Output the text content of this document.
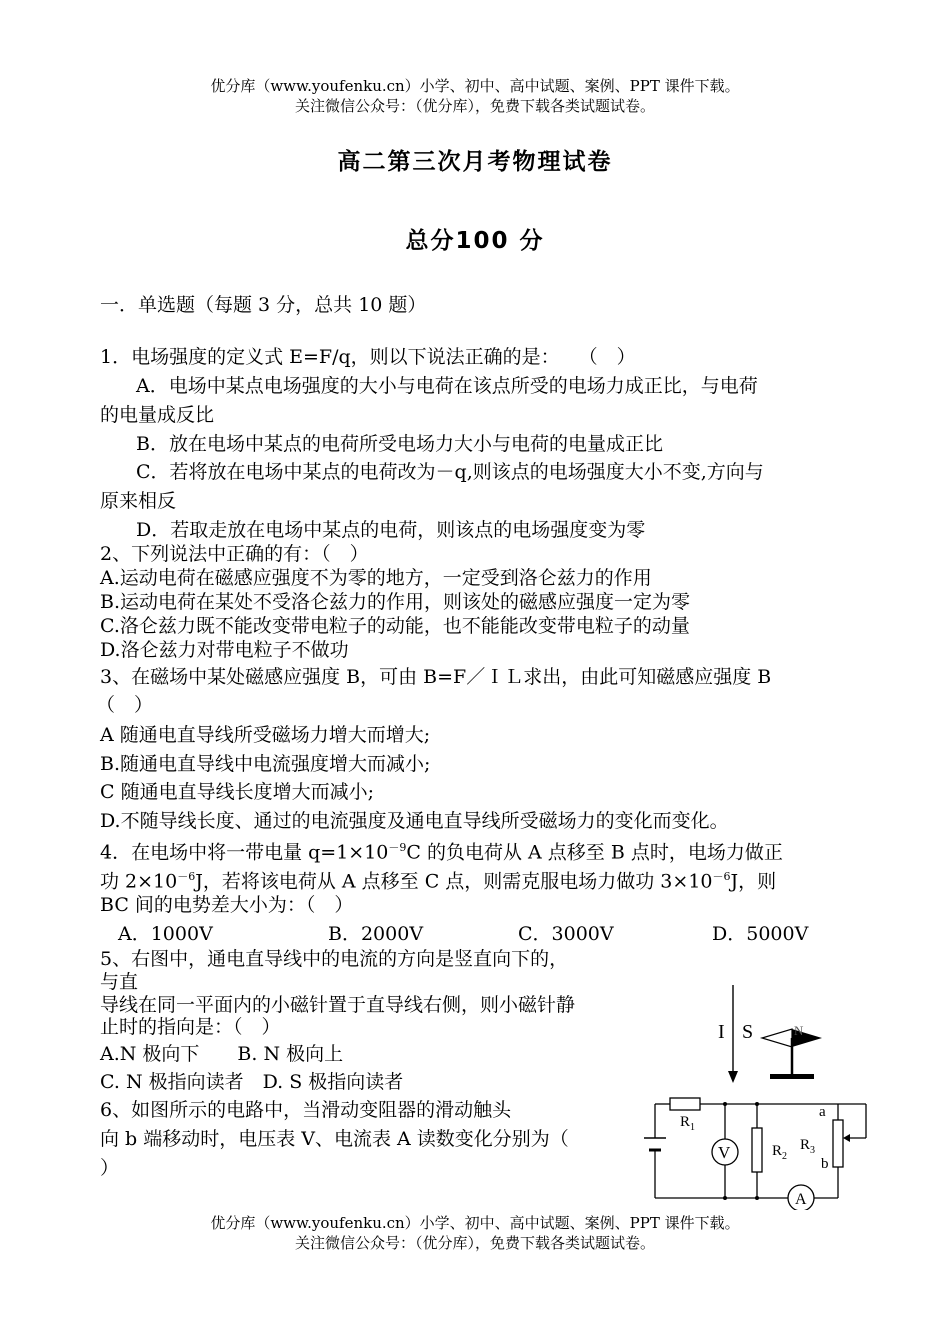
优分库（www.youfenku.cn）小学、初中、高中试题、案例、PPT 课件下载。
关注微信公众号：（优分库），免费下载各类试题试卷。
高二第三次月考物理试卷
总分100 分
一．单选题（每题 3 分，总共 10 题）
1．电场强度的定义式 E=F/q，则以下说法正确的是：　　（　）
A．电场中某点电场强度的大小与电荷在该点所受的电场力成正比，与电荷
的电量成反比
B．放在电场中某点的电荷所受电场力大小与电荷的电量成正比
C．若将放在电场中某点的电荷改为－q,则该点的电场强度大小不变,方向与
原来相反
D．若取走放在电场中某点的电荷，则该点的电场强度变为零
2、下列说法中正确的有：（　）
A.运动电荷在磁感应强度不为零的地方，一定受到洛仑兹力的作用
B.运动电荷在某处不受洛仑兹力的作用，则该处的磁感应强度一定为零
C.洛仑兹力既不能改变带电粒子的动能，也不能能改变带电粒子的动量
D.洛仑兹力对带电粒子不做功
3、在磁场中某处磁感应强度 B，可由 B=F／ＩＬ求出，由此可知磁感应强度 B
（　）
A 随通电直导线所受磁场力增大而增大;
B.随通电直导线中电流强度增大而减小;
C 随通电直导线长度增大而减小;
D.不随导线长度、通过的电流强度及通电直导线所受磁场力的变化而变化。
4．在电场中将一带电量 $q=1\times 10^{-9}C$ 的负电荷从 A 点移至 B 点时，电场力做正
功 $2\times 10^{-6}J$，若将该电荷从 A 点移至 C 点，则需克服电场力做功 $3\times 10^{-6}J$，则
BC 间的电势差大小为：（　）
A．1000V	B．2000V	C．3000V	D．5000V
5、右图中，通电直导线中的电流的方向是竖直向下的，
与直
导线在同一平面内的小磁针置于直导线右侧，则小磁针静
止时的指向是：（　）
A.N 极向下　　B. N 极向上
C. N 极指向读者　D. S 极指向读者
6、如图所示的电路中，当滑动变阻器的滑动触头
向 b 端移动时，电压表 V、电流表 A 读数变化分别为（
）
I S	N
$R_1$
V	$R_2$
$R_3$
a
b
A
优分库（www.youfenku.cn）小学、初中、高中试题、案例、PPT 课件下载。
关注微信公众号：（优分库），免费下载各类试题试卷。
